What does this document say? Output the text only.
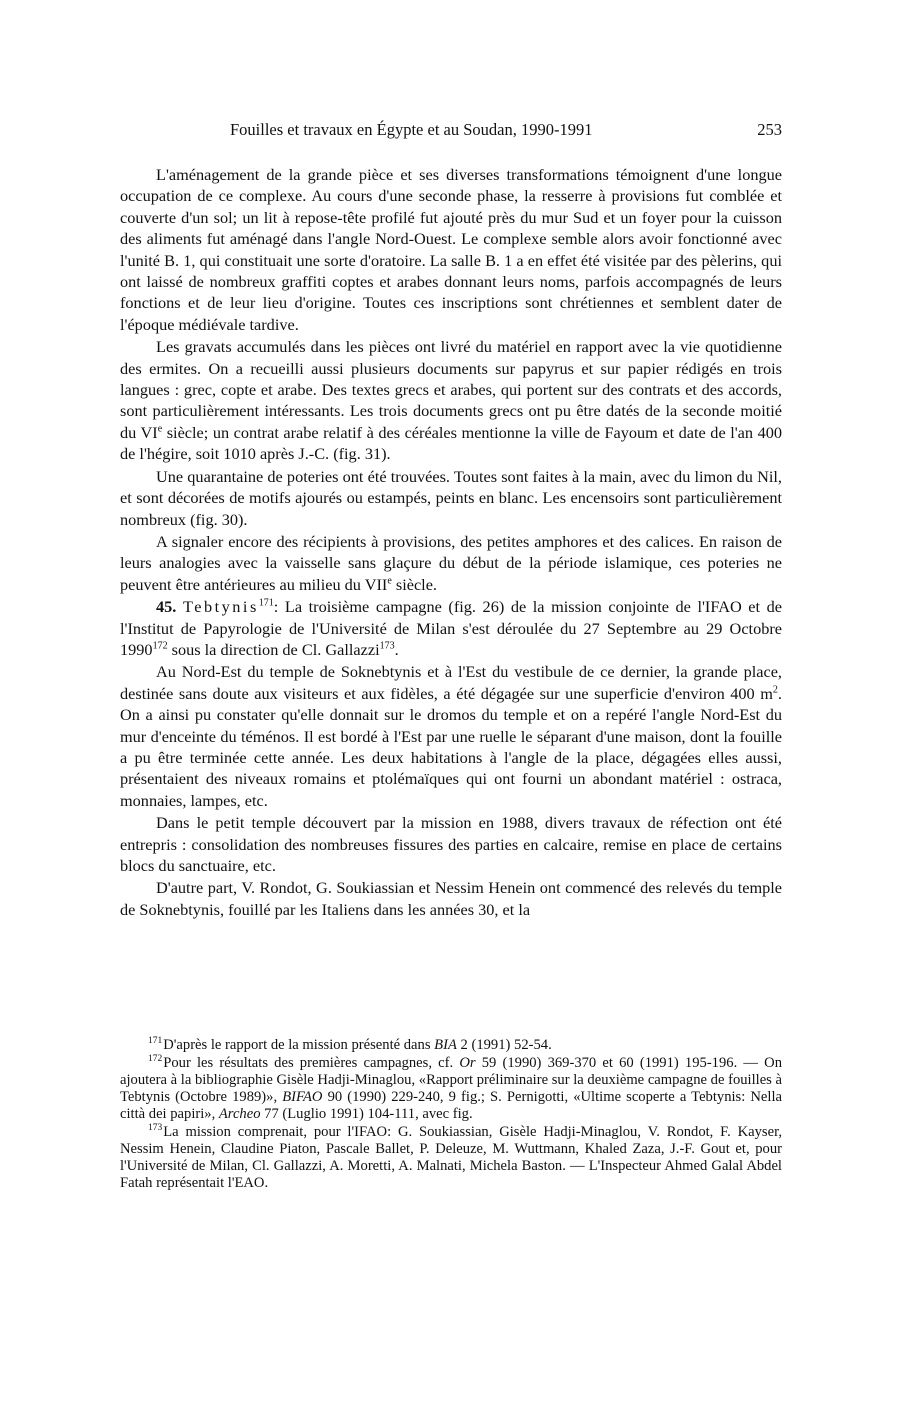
Fouilles et travaux en Égypte et au Soudan, 1990-1991	253

L'aménagement de la grande pièce et ses diverses transformations témoignent d'une longue occupation de ce complexe. Au cours d'une seconde phase, la resserre à provisions fut comblée et couverte d'un sol; un lit à repose-tête profilé fut ajouté près du mur Sud et un foyer pour la cuisson des aliments fut aménagé dans l'angle Nord-Ouest. Le complexe semble alors avoir fonctionné avec l'unité B. 1, qui constituait une sorte d'oratoire. La salle B. 1 a en effet été visitée par des pèlerins, qui ont laissé de nombreux graffiti coptes et arabes donnant leurs noms, parfois accompagnés de leurs fonctions et de leur lieu d'origine. Toutes ces inscriptions sont chrétiennes et semblent dater de l'époque médiévale tardive.

Les gravats accumulés dans les pièces ont livré du matériel en rapport avec la vie quotidienne des ermites. On a recueilli aussi plusieurs documents sur papyrus et sur papier rédigés en trois langues : grec, copte et arabe. Des textes grecs et arabes, qui portent sur des contrats et des accords, sont particulièrement intéressants. Les trois documents grecs ont pu être datés de la seconde moitié du VIe siècle; un contrat arabe relatif à des céréales mentionne la ville de Fayoum et date de l'an 400 de l'hégire, soit 1010 après J.-C. (fig. 31).

Une quarantaine de poteries ont été trouvées. Toutes sont faites à la main, avec du limon du Nil, et sont décorées de motifs ajourés ou estampés, peints en blanc. Les encensoirs sont particulièrement nombreux (fig. 30).

A signaler encore des récipients à provisions, des petites amphores et des calices. En raison de leurs analogies avec la vaisselle sans glaçure du début de la période islamique, ces poteries ne peuvent être antérieures au milieu du VIIe siècle.

45. Tebtynis$^{171}$: La troisième campagne (fig. 26) de la mission conjointe de l'IFAO et de l'Institut de Papyrologie de l'Université de Milan s'est déroulée du 27 Septembre au 29 Octobre 1990$^{172}$ sous la direction de Cl. Gallazzi$^{173}$.

Au Nord-Est du temple de Soknebtynis et à l'Est du vestibule de ce dernier, la grande place, destinée sans doute aux visiteurs et aux fidèles, a été dégagée sur une superficie d'environ 400 m$^2$. On a ainsi pu constater qu'elle donnait sur le dromos du temple et on a repéré l'angle Nord-Est du mur d'enceinte du téménos. Il est bordé à l'Est par une ruelle le séparant d'une maison, dont la fouille a pu être terminée cette année. Les deux habitations à l'angle de la place, dégagées elles aussi, présentaient des niveaux romains et ptolémaïques qui ont fourni un abondant matériel : ostraca, monnaies, lampes, etc.

Dans le petit temple découvert par la mission en 1988, divers travaux de réfection ont été entrepris : consolidation des nombreuses fissures des parties en calcaire, remise en place de certains blocs du sanctuaire, etc.

D'autre part, V. Rondot, G. Soukiassian et Nessim Henein ont commencé des relevés du temple de Soknebtynis, fouillé par les Italiens dans les années 30, et la

$^{171}$D'après le rapport de la mission présenté dans BIA 2 (1991) 52-54.

$^{172}$Pour les résultats des premières campagnes, cf. Or 59 (1990) 369-370 et 60 (1991) 195-196. — On ajoutera à la bibliographie Gisèle Hadji-Minaglou, «Rapport préliminaire sur la deuxième campagne de fouilles à Tebtynis (Octobre 1989)», BIFAO 90 (1990) 229-240, 9 fig.; S. Pernigotti, «Ultime scoperte a Tebtynis: Nella città dei papiri», Archeo 77 (Luglio 1991) 104-111, avec fig.

$^{173}$La mission comprenait, pour l'IFAO: G. Soukiassian, Gisèle Hadji-Minaglou, V. Rondot, F. Kayser, Nessim Henein, Claudine Piaton, Pascale Ballet, P. Deleuze, M. Wuttmann, Khaled Zaza, J.-F. Gout et, pour l'Université de Milan, Cl. Gallazzi, A. Moretti, A. Malnati, Michela Baston. — L'Inspecteur Ahmed Galal Abdel Fatah représentait l'EAO.
